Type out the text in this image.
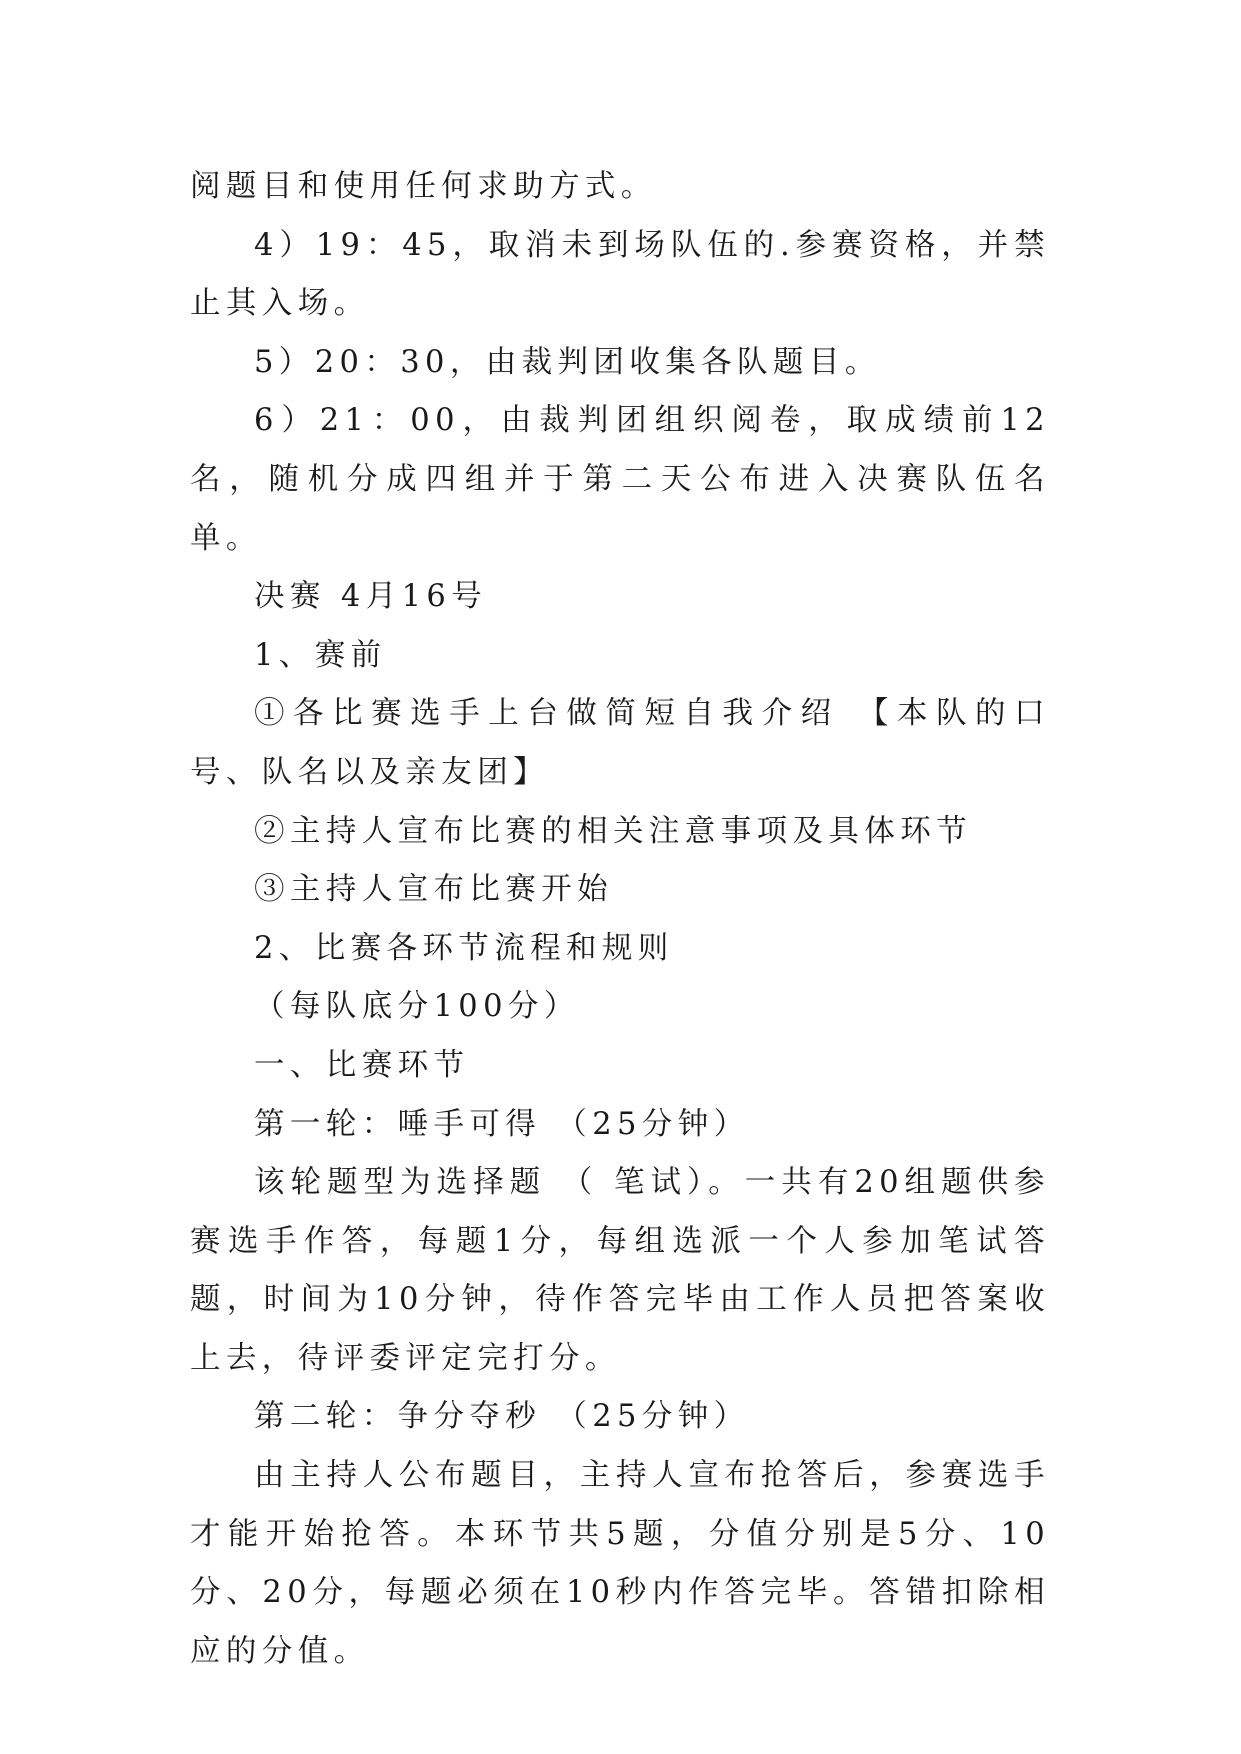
阅题目和使用任何求助方式。

4）19：45，取消未到场队伍的.参赛资格，并禁止其入场。

5）20：30，由裁判团收集各队题目。

6）21：00，由裁判团组织阅卷，取成绩前12名，随机分成四组并于第二天公布进入决赛队伍名单。

决赛 4月16号

1、赛前

①各比赛选手上台做简短自我介绍 【本队的口号、队名以及亲友团】

②主持人宣布比赛的相关注意事项及具体环节

③主持人宣布比赛开始

2、比赛各环节流程和规则

（每队底分100分）

一、比赛环节

第一轮：唾手可得 （25分钟）

该轮题型为选择题 （ 笔试）。一共有20组题供参赛选手作答，每题1分，每组选派一个人参加笔试答题，时间为10分钟，待作答完毕由工作人员把答案收上去，待评委评定完打分。

第二轮：争分夺秒 （25分钟）

由主持人公布题目，主持人宣布抢答后，参赛选手才能开始抢答。本环节共5题，分值分别是5分、10分、20分，每题必须在10秒内作答完毕。答错扣除相应的分值。
